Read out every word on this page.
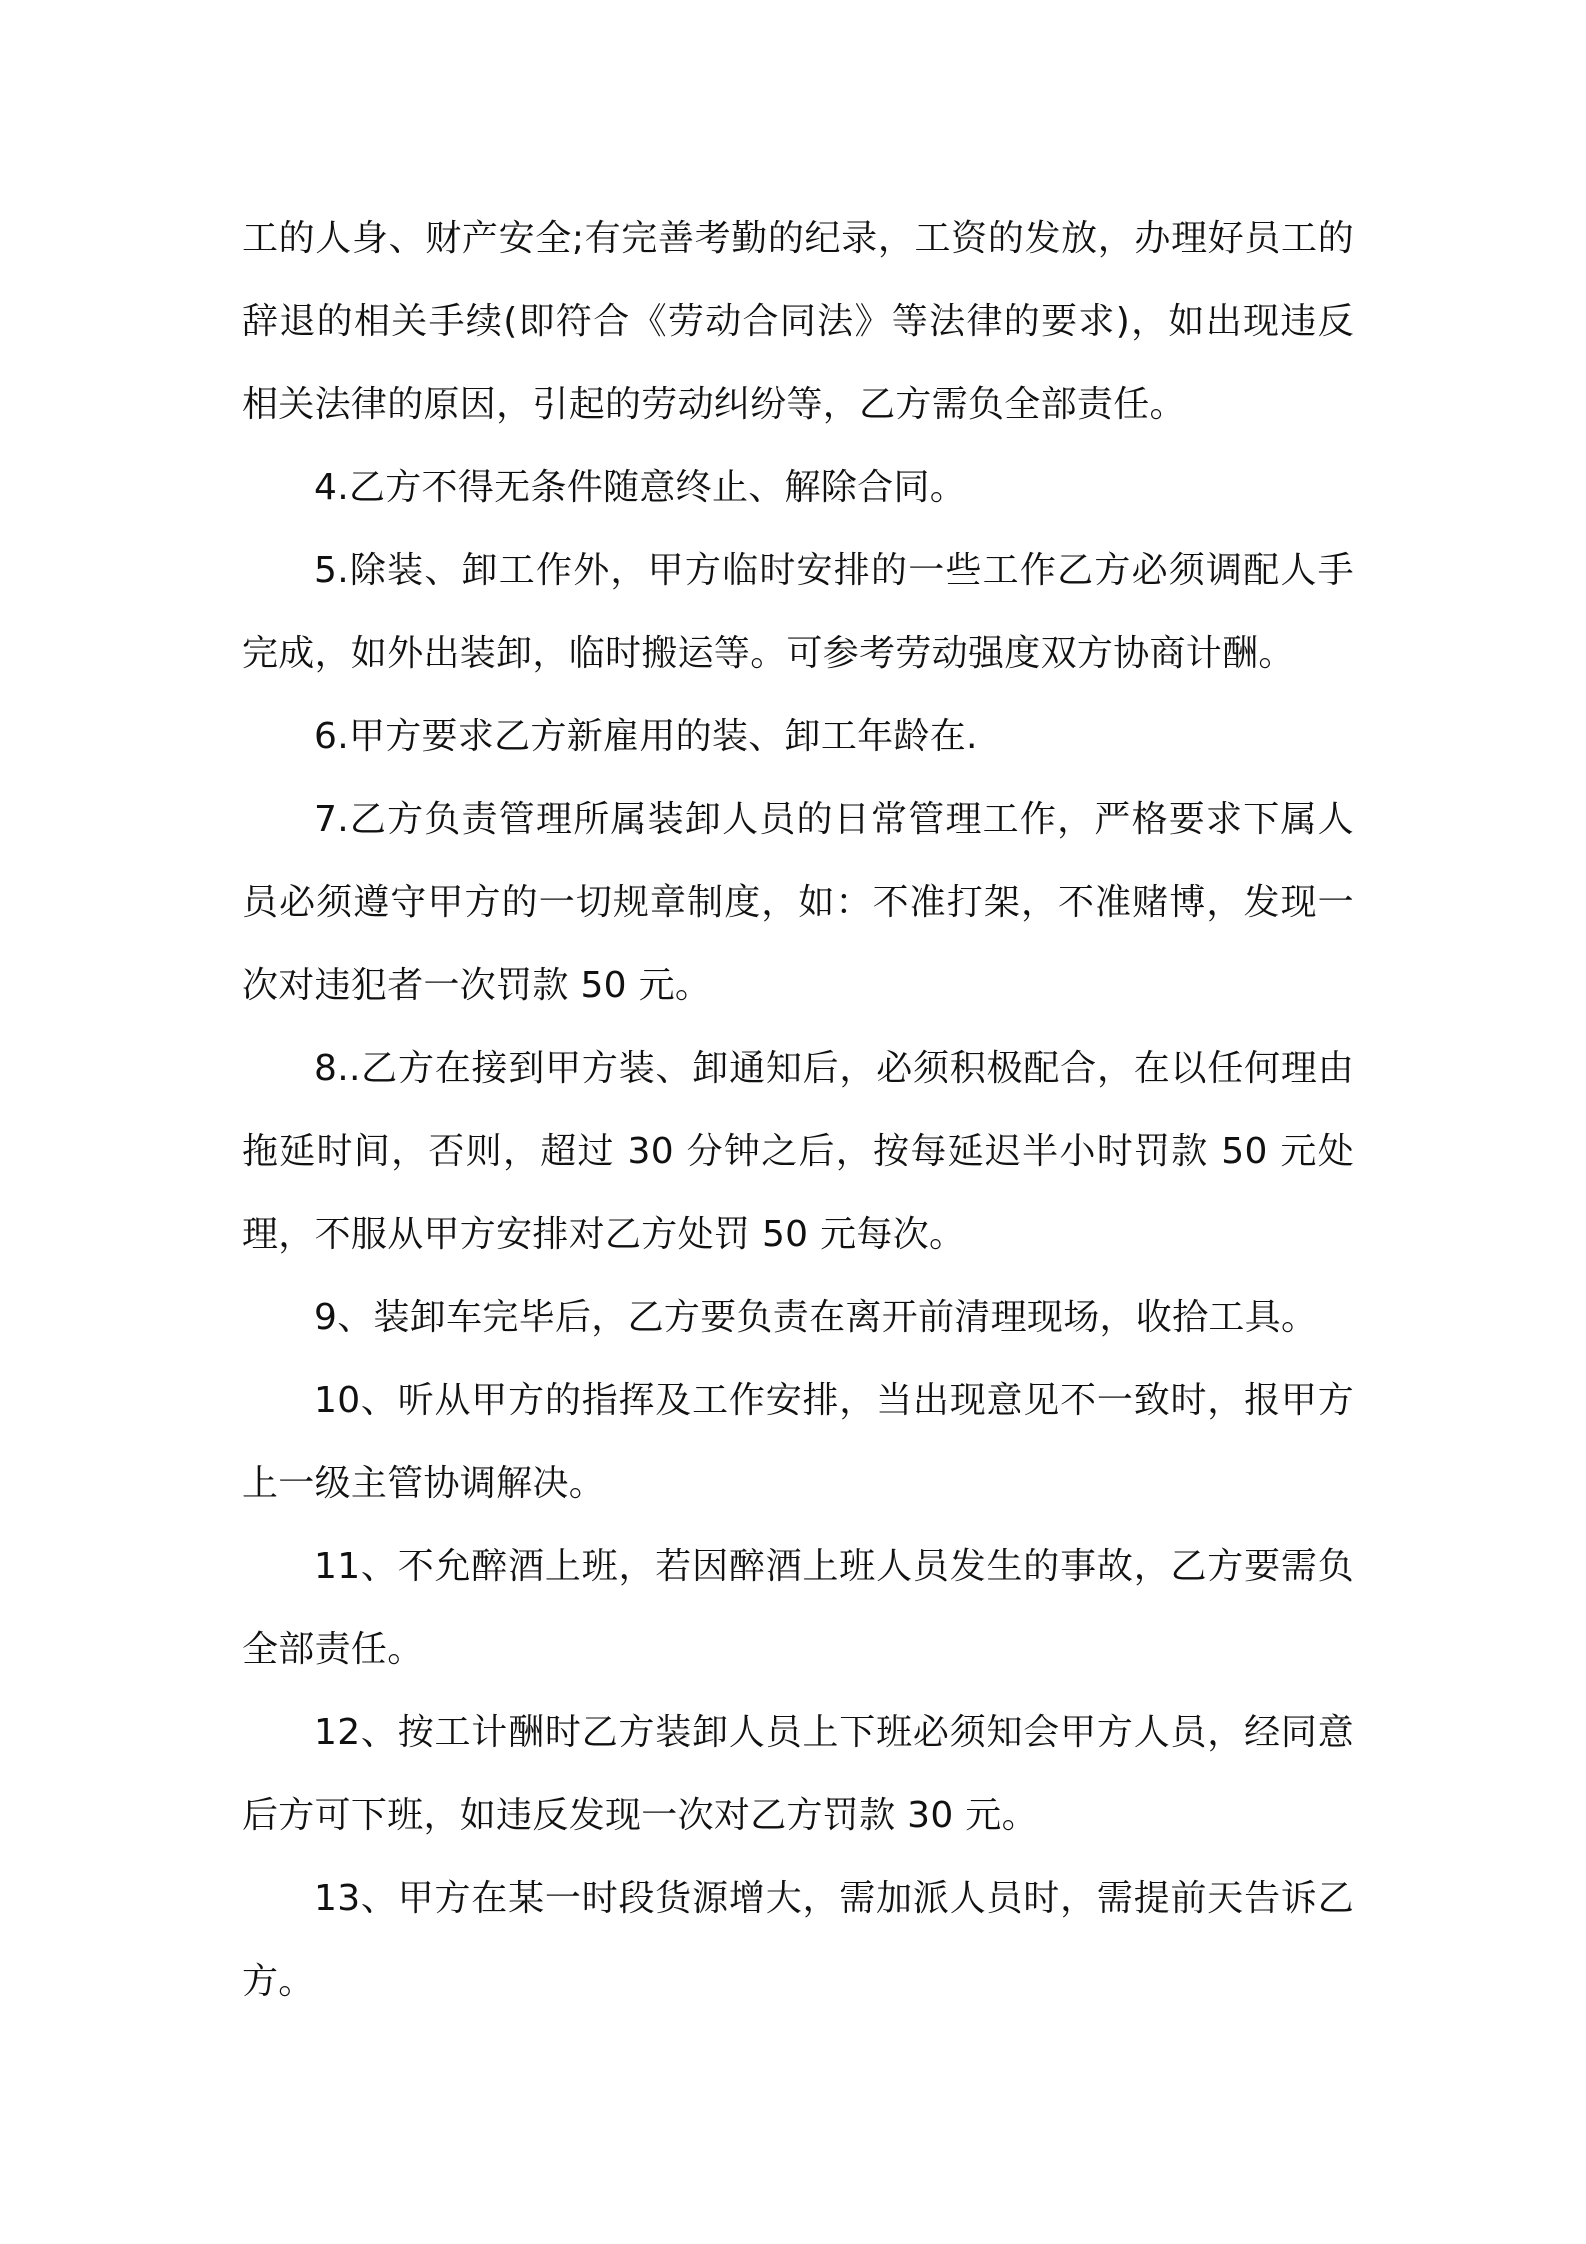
工的人身、财产安全;有完善考勤的纪录，工资的发放，办理好员工的辞退的相关手续(即符合《劳动合同法》等法律的要求)，如出现违反相关法律的原因，引起的劳动纠纷等，乙方需负全部责任。

4.乙方不得无条件随意终止、解除合同。

5.除装、卸工作外，甲方临时安排的一些工作乙方必须调配人手完成，如外出装卸，临时搬运等。可参考劳动强度双方协商计酬。

6.甲方要求乙方新雇用的装、卸工年龄在.

7.乙方负责管理所属装卸人员的日常管理工作，严格要求下属人员必须遵守甲方的一切规章制度，如：不准打架，不准赌博，发现一次对违犯者一次罚款 50 元。

8..乙方在接到甲方装、卸通知后，必须积极配合，在以任何理由拖延时间，否则，超过 30 分钟之后，按每延迟半小时罚款 50 元处理，不服从甲方安排对乙方处罚 50 元每次。

9、装卸车完毕后，乙方要负责在离开前清理现场，收拾工具。

10、听从甲方的指挥及工作安排，当出现意见不一致时，报甲方上一级主管协调解决。

11、不允醉酒上班，若因醉酒上班人员发生的事故，乙方要需负全部责任。

12、按工计酬时乙方装卸人员上下班必须知会甲方人员，经同意后方可下班，如违反发现一次对乙方罚款 30 元。

13、甲方在某一时段货源增大，需加派人员时，需提前天告诉乙方。
